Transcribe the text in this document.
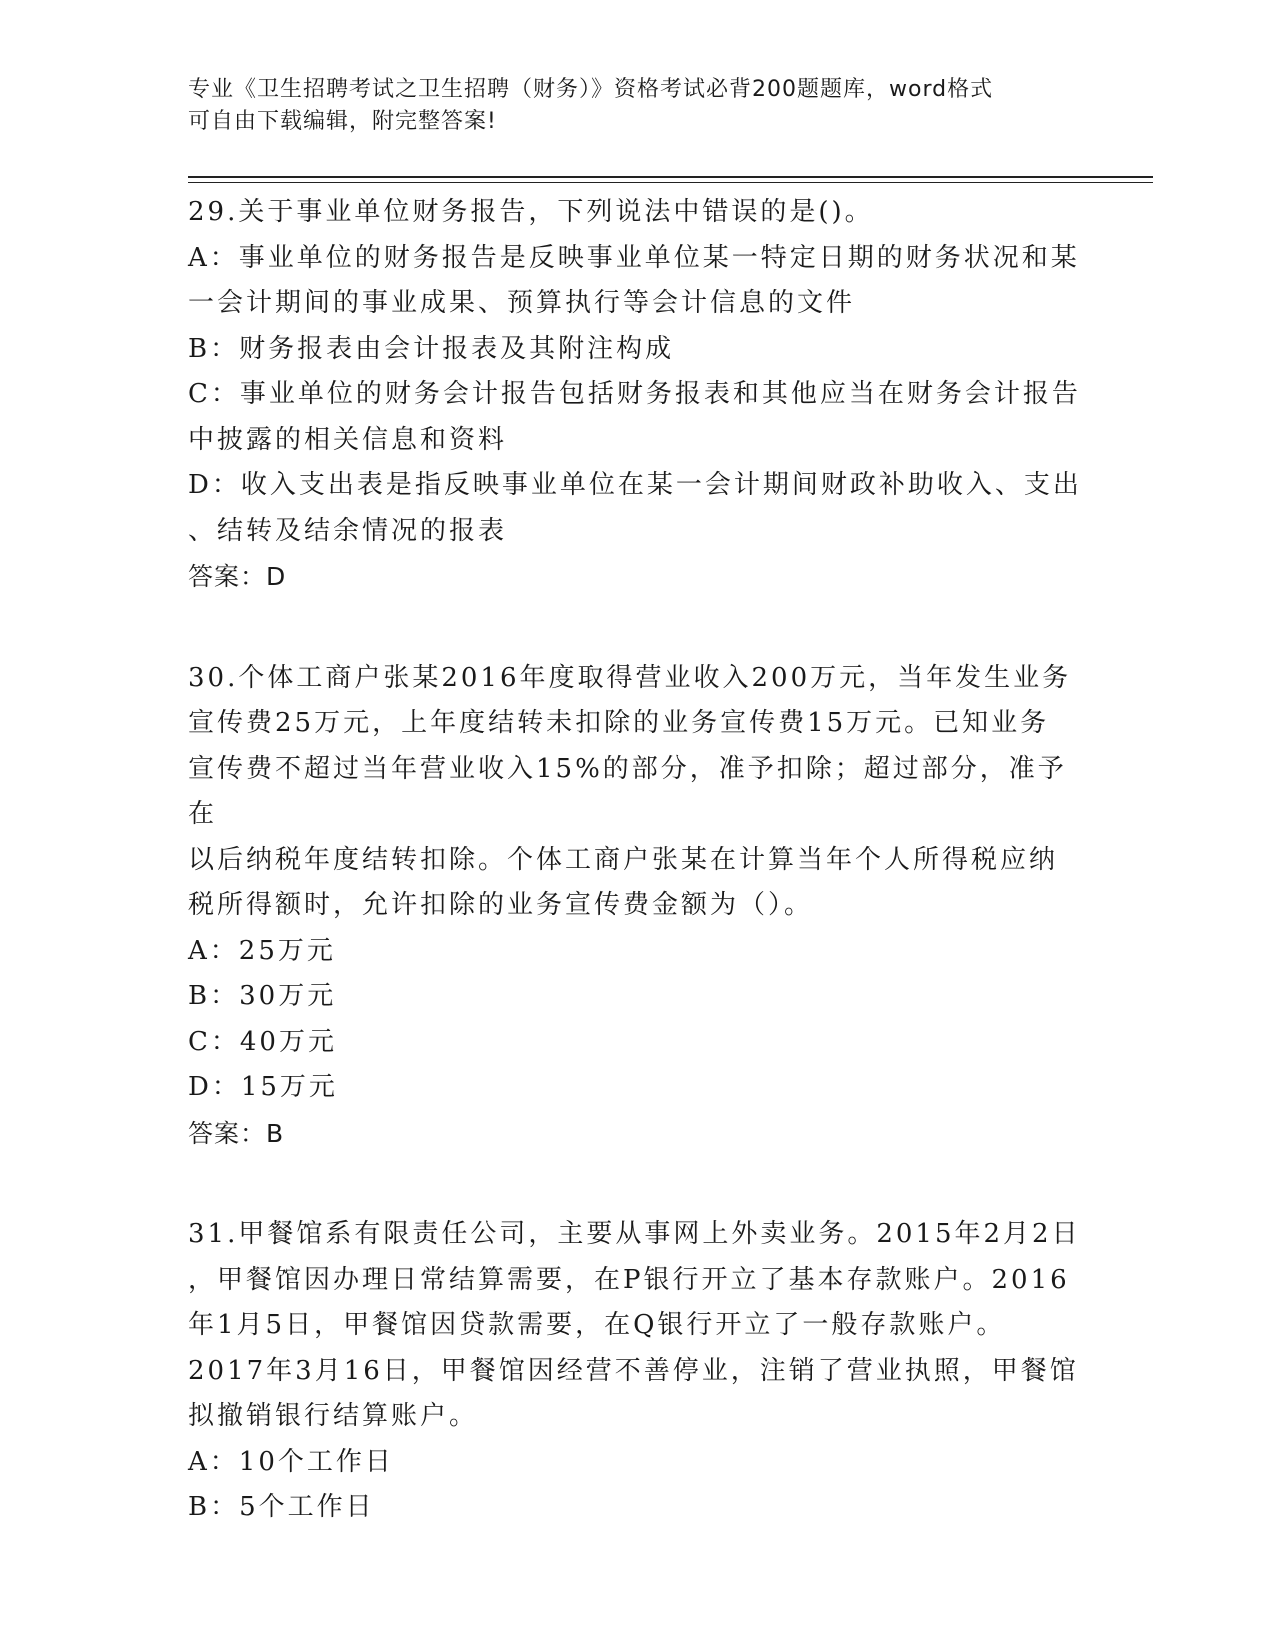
专业《卫生招聘考试之卫生招聘（财务）》资格考试必背200题题库，word格式
可自由下载编辑，附完整答案!
29.关于事业单位财务报告，下列说法中错误的是()。
A：事业单位的财务报告是反映事业单位某一特定日期的财务状况和某
一会计期间的事业成果、预算执行等会计信息的文件
B：财务报表由会计报表及其附注构成
C：事业单位的财务会计报告包括财务报表和其他应当在财务会计报告
中披露的相关信息和资料
D：收入支出表是指反映事业单位在某一会计期间财政补助收入、支出
、结转及结余情况的报表
答案：D
30.个体工商户张某2016年度取得营业收入200万元，当年发生业务
宣传费25万元，上年度结转未扣除的业务宣传费15万元。已知业务
宣传费不超过当年营业收入15%的部分，准予扣除；超过部分，准予在
以后纳税年度结转扣除。个体工商户张某在计算当年个人所得税应纳
税所得额时，允许扣除的业务宣传费金额为（）。
A：25万元
B：30万元
C：40万元
D：15万元
答案：B
31.甲餐馆系有限责任公司，主要从事网上外卖业务。2015年2月2日
，甲餐馆因办理日常结算需要，在P银行开立了基本存款账户。2016
年1月5日，甲餐馆因贷款需要，在Q银行开立了一般存款账户。
2017年3月16日，甲餐馆因经营不善停业，注销了营业执照，甲餐馆
拟撤销银行结算账户。
A：10个工作日
B：5个工作日
